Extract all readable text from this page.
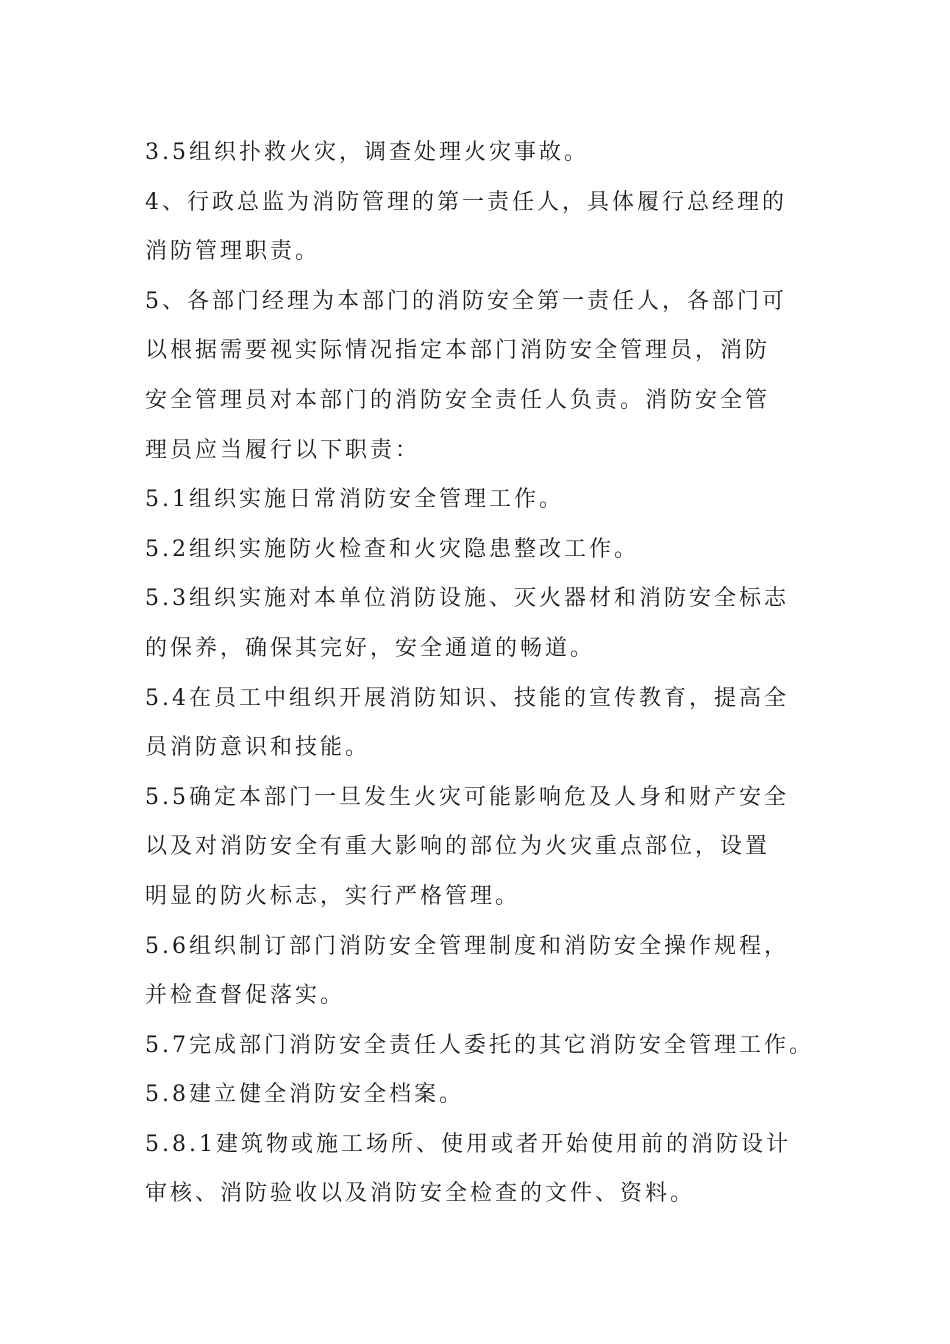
3.5组织扑救火灾，调查处理火灾事故。
4、行政总监为消防管理的第一责任人，具体履行总经理的
消防管理职责。
5、各部门经理为本部门的消防安全第一责任人，各部门可
以根据需要视实际情况指定本部门消防安全管理员，消防
安全管理员对本部门的消防安全责任人负责。消防安全管
理员应当履行以下职责：
5.1组织实施日常消防安全管理工作。
5.2组织实施防火检查和火灾隐患整改工作。
5.3组织实施对本单位消防设施、灭火器材和消防安全标志
的保养，确保其完好，安全通道的畅道。
5.4在员工中组织开展消防知识、技能的宣传教育，提高全
员消防意识和技能。
5.5确定本部门一旦发生火灾可能影响危及人身和财产安全
以及对消防安全有重大影响的部位为火灾重点部位，设置
明显的防火标志，实行严格管理。
5.6组织制订部门消防安全管理制度和消防安全操作规程，
并检查督促落实。
5.7完成部门消防安全责任人委托的其它消防安全管理工作。
5.8建立健全消防安全档案。
5.8.1建筑物或施工场所、使用或者开始使用前的消防设计
审核、消防验收以及消防安全检查的文件、资料。
